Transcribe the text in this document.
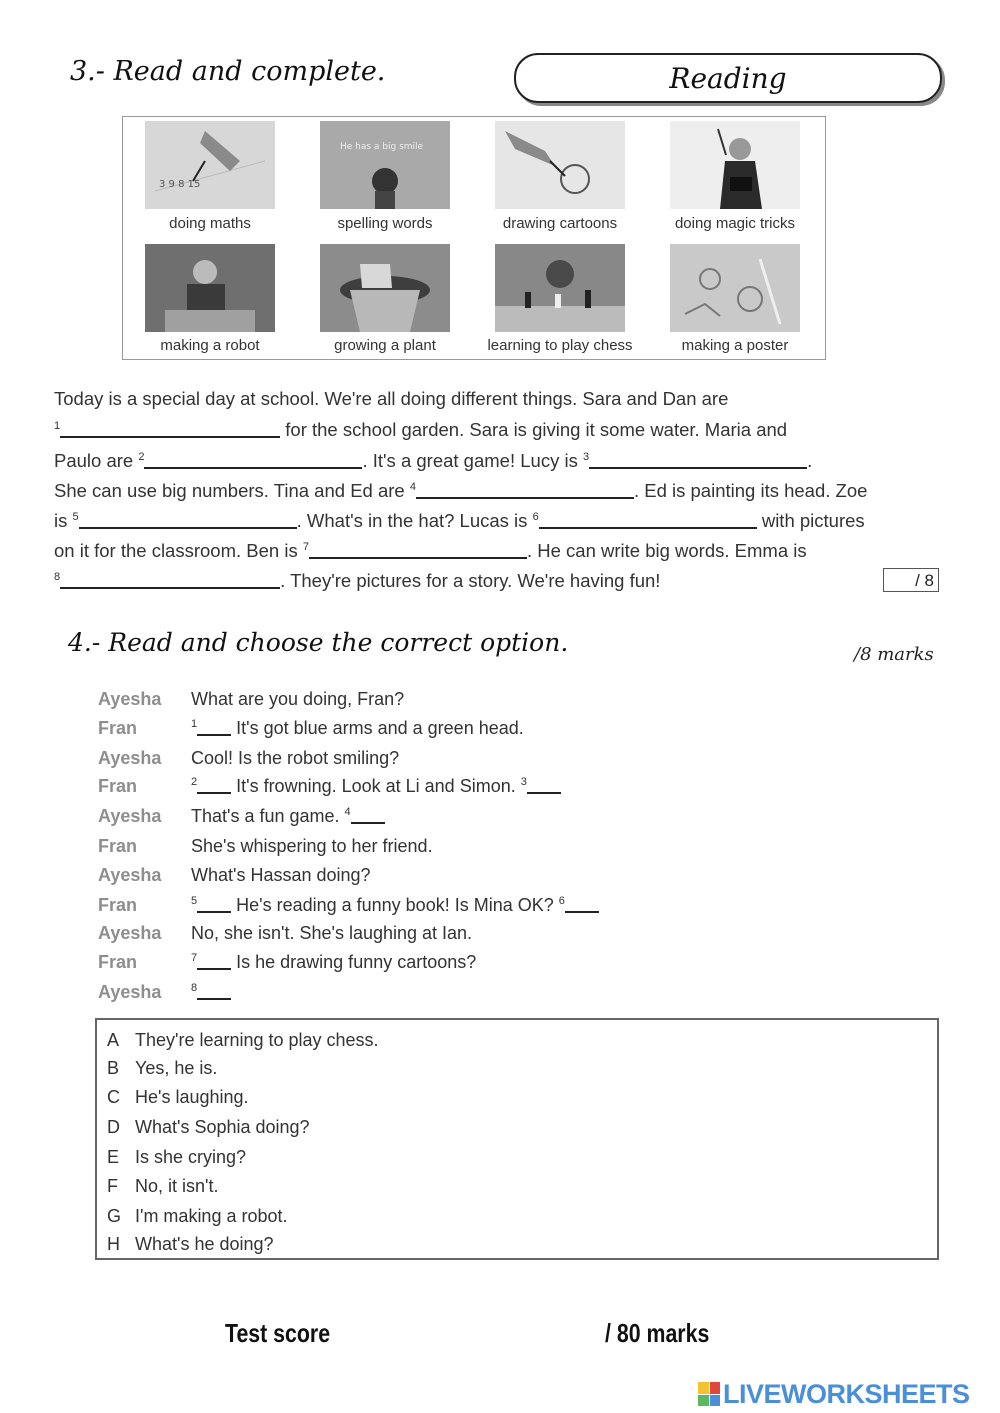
3.- Read and complete.	Reading
3 9 8 15
He has a big smile
doing maths	spelling words	drawing cartoons	doing magic tricks
making a robot	growing a plant	learning to play chess	making a poster
Today is a special day at school. We're all doing different things. Sara and Dan are
$^1$	for the school garden. Sara is giving it some water. Maria and
Paulo are $^2$	. It's a great game! Lucy is $^3$	.
She can use big numbers. Tina and Ed are $^4$	. Ed is painting its head. Zoe
is $^5$	. What's in the hat? Lucas is $^6$	with pictures
on it for the classroom. Ben is $^7$	. He can write big words. Emma is
$^8$	. They're pictures for a story. We're having fun!	/ 8
4.- Read and choose the correct option.	/8 marks
Ayesha What are you doing, Fran?
Fran	$^1$ It's got blue arms and a green head.
Ayesha Cool! Is the robot smiling?
Fran	$^2$ It's frowning. Look at Li and Simon. $^3$
Ayesha That's a fun game. $^4$
Fran	She's whispering to her friend.
Ayesha What's Hassan doing?
Fran	$^5$ He's reading a funny book! Is Mina OK? $^6$
Ayesha No, she isn't. She's laughing at Ian.
Fran	$^7$ Is he drawing funny cartoons?
Ayesha	$^8$
A They're learning to play chess.
B Yes, he is.
C He's laughing.
D What's Sophia doing?
E Is she crying?
F No, it isn't.
G I'm making a robot.
H What's he doing?
Test score	/ 80 marks
LIVEWORKSHEETS
